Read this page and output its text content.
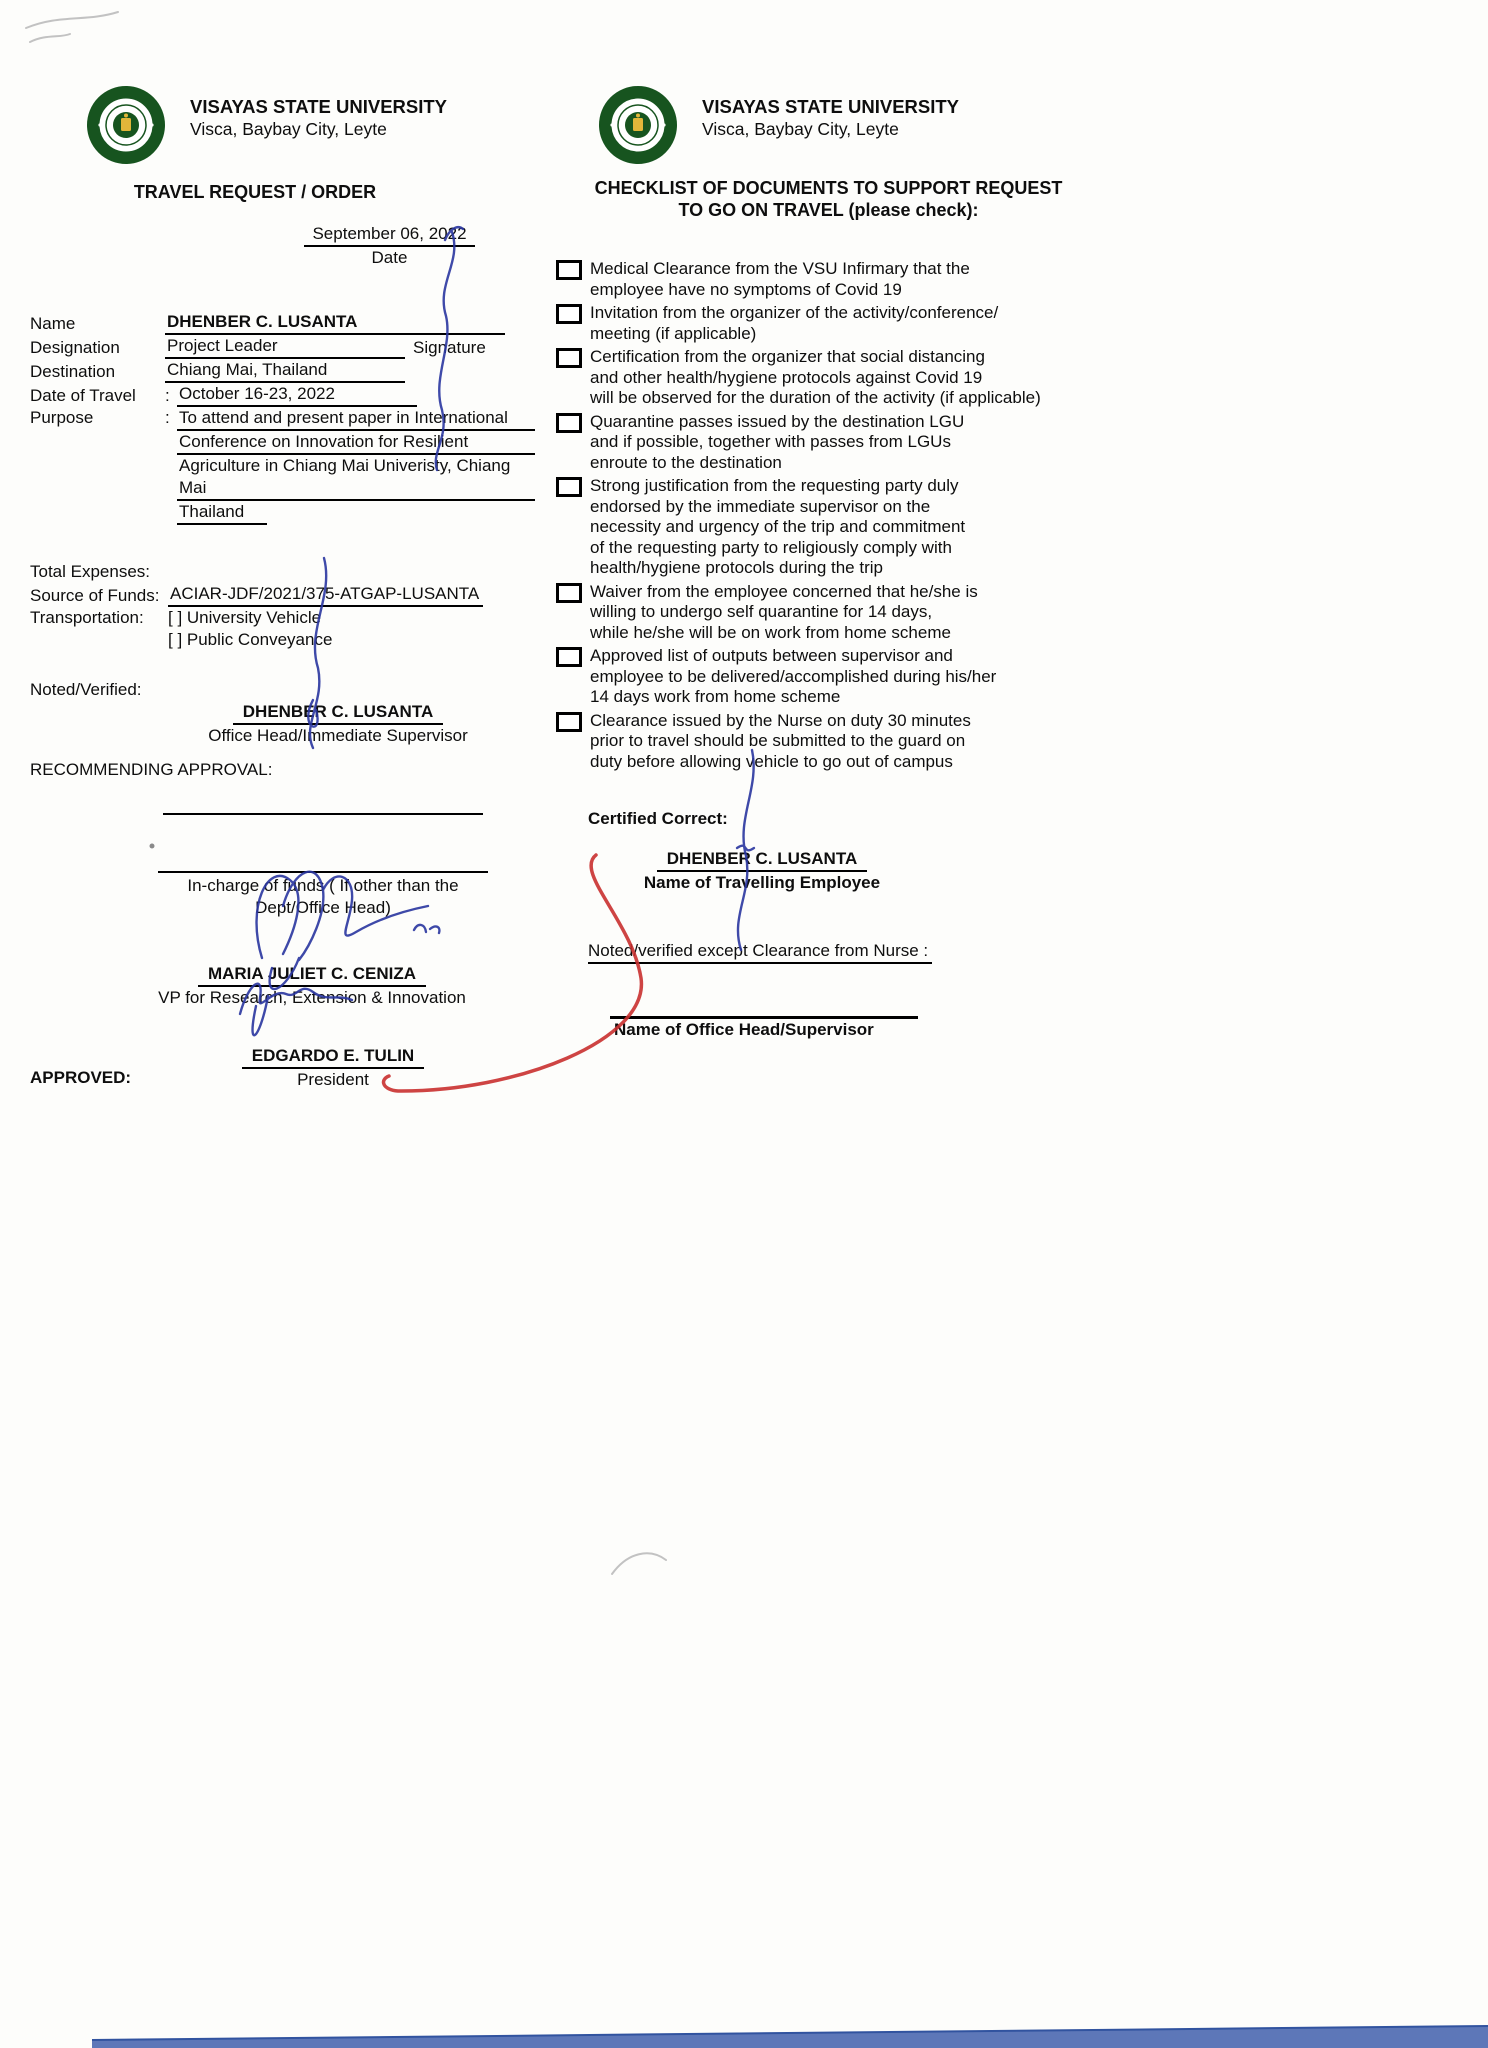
VISAYAS STATE UNIVERSITY
Visca, Baybay City, Leyte
TRAVEL REQUEST / ORDER
September 06, 2022
Date
Name	DHENBER C. LUSANTA
Designation	Project Leader	Signature
Destination	Chiang Mai, Thailand
Date of Travel	: October 16-23, 2022
Purpose	: To attend and present paper in International
Conference on Innovation for Resilient
Agriculture in Chiang Mai Univeristy, Chiang Mai
Thailand
Total Expenses:
Source of Funds: ACIAR-JDF/2021/375-ATGAP-LUSANTA
Transportation:	[ ] University Vehicle
[ ] Public Conveyance
Noted/Verified:
DHENBER C. LUSANTA
Office Head/Immediate Supervisor
RECOMMENDING APPROVAL:
In-charge of funds ( If other than the
Dept/Office Head)
MARIA JULIET C. CENIZA
VP for Research, Extension & Innovation
APPROVED:
EDGARDO E. TULIN
President
VISAYAS STATE UNIVERSITY
Visca, Baybay City, Leyte
CHECKLIST OF DOCUMENTS TO SUPPORT REQUEST
TO GO ON TRAVEL (please check):
Medical Clearance from the VSU Infirmary that the
employee have no symptoms of Covid 19
Invitation from the organizer of the activity/conference/
meeting (if applicable)
Certification from the organizer that social distancing
and other health/hygiene protocols against Covid 19
will be observed for the duration of the activity (if applicable)
Quarantine passes issued by the destination LGU
and if possible, together with passes from LGUs
enroute to the destination
Strong justification from the requesting party duly
endorsed by the immediate supervisor on the
necessity and urgency of the trip and commitment
of the requesting party to religiously comply with
health/hygiene protocols during the trip
Waiver from the employee concerned that he/she is
willing to undergo self quarantine for 14 days,
while he/she will be on work from home scheme
Approved list of outputs between supervisor and
employee to be delivered/accomplished during his/her
14 days work from home scheme
Clearance issued by the Nurse on duty 30 minutes
prior to travel should be submitted to the guard on
duty before allowing vehicle to go out of campus
Certified Correct:
DHENBER C. LUSANTA
Name of Travelling Employee
Noted/verified except Clearance from Nurse :
Name of Office Head/Supervisor
